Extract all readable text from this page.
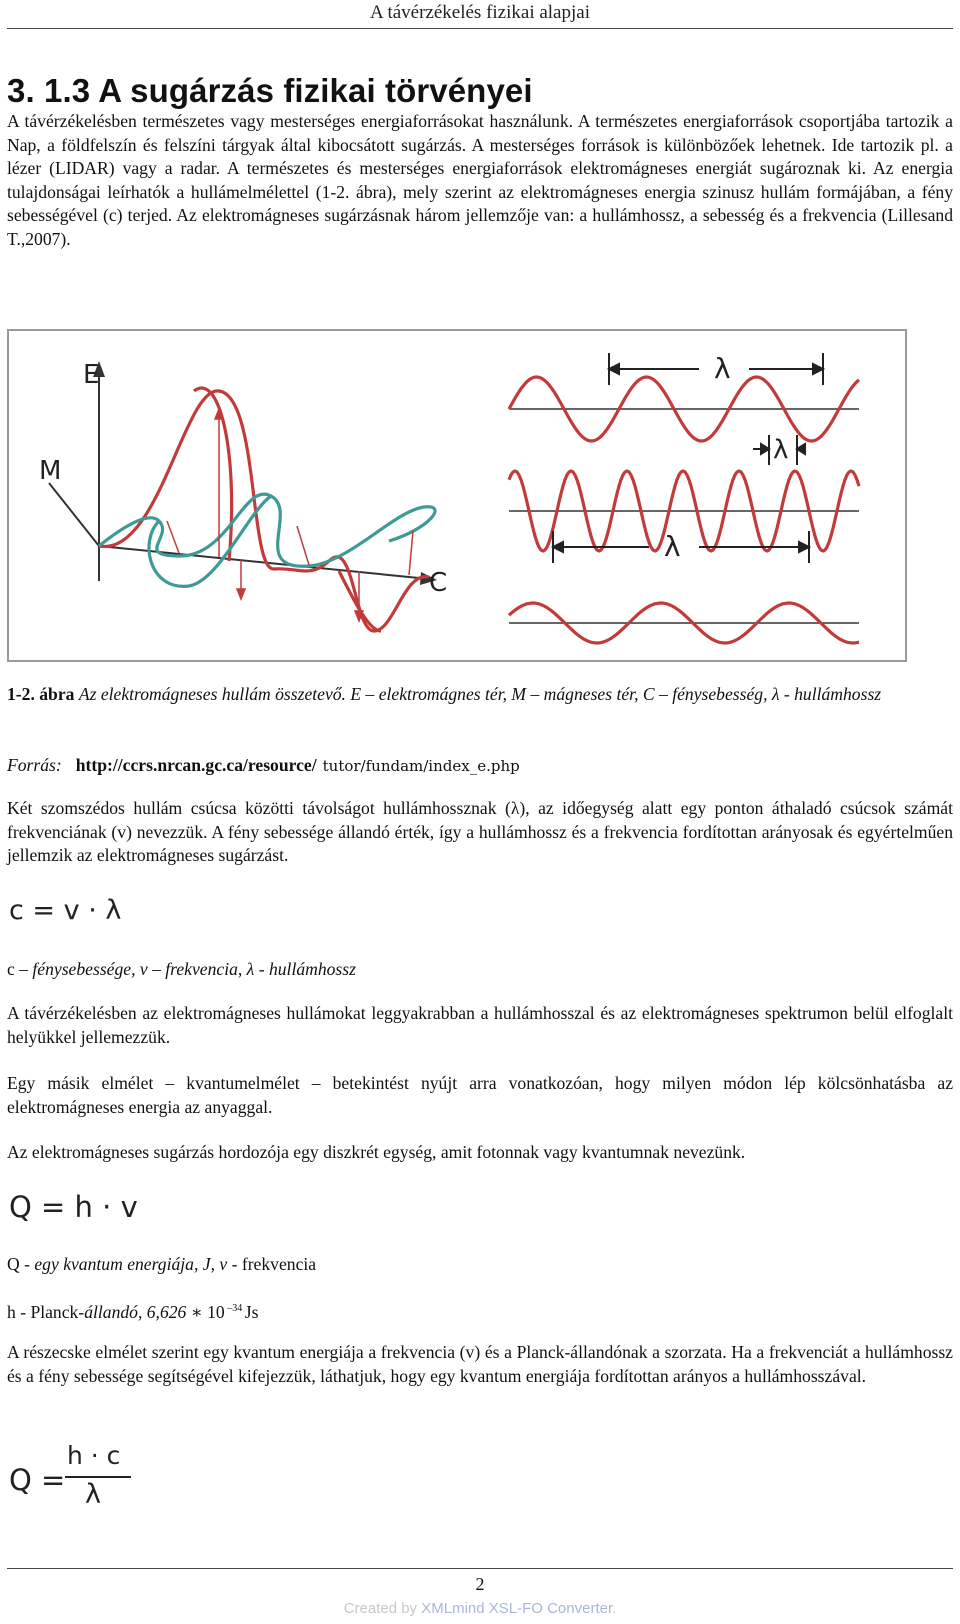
A távérzékelés fizikai alapjai
3. 1.3 A sugárzás fizikai törvényei

A távérzékelésben természetes vagy mesterséges energiaforrásokat használunk. A természetes energiaforrások csoportjába tartozik a Nap, a földfelszín és felszíni tárgyak által kibocsátott sugárzás. A mesterséges források is különbözőek lehetnek. Ide tartozik pl. a lézer (LIDAR) vagy a radar. A természetes és mesterséges energiaforrások elektromágneses energiát sugároznak ki. Az energia tulajdonságai leírhatók a hullámelmélettel (1-2. ábra), mely szerint az elektromágneses energia szinusz hullám formájában, a fény sebességével (c) terjed. Az elektromágneses sugárzásnak három jellemzője van: a hullámhossz, a sebesség és a frekvencia (Lillesand T.,2007).

E
M
C
λ
λ
λ
1-2. ábra Az elektromágneses hullám összetevő. E – elektromágnes tér, M – mágneses tér, C – fénysebesség, λ - hullámhossz
Forrás: http://ccrs.nrcan.gc.ca/resource/ tutor/fundam/index_e.php

Két szomszédos hullám csúcsa közötti távolságot hullámhossznak (λ), az időegység alatt egy ponton áthaladó csúcsok számát frekvenciának (v) nevezzük. A fény sebessége állandó érték, így a hullámhossz és a frekvencia fordítottan arányosak és egyértelműen jellemzik az elektromágneses sugárzást.

c = v · λ
c – fénysebessége, v – frekvencia, λ - hullámhossz

A távérzékelésben az elektromágneses hullámokat leggyakrabban a hullámhosszal és az elektromágneses spektrumon belül elfoglalt helyükkel jellemezzük.

Egy másik elmélet – kvantumelmélet – betekintést nyújt arra vonatkozóan, hogy milyen módon lép kölcsönhatásba az elektromágneses energia az anyaggal.

Az elektromágneses sugárzás hordozója egy diszkrét egység, amit fotonnak vagy kvantumnak nevezünk.

Q = h · v
Q - egy kvantum energiája, J, v - frekvencia
h - Planck-állandó, 6,626 ∗ 10 $^{-34}$ Js

A részecske elmélet szerint egy kvantum energiája a frekvencia (v) és a Planck-állandónak a szorzata. Ha a frekvenciát a hullámhossz és a fény sebessége segítségével kifejezzük, láthatjuk, hogy egy kvantum energiája fordítottan arányos a hullámhosszával.

Q =
h · c
λ
2
Created by XMLmind XSL-FO Converter.
